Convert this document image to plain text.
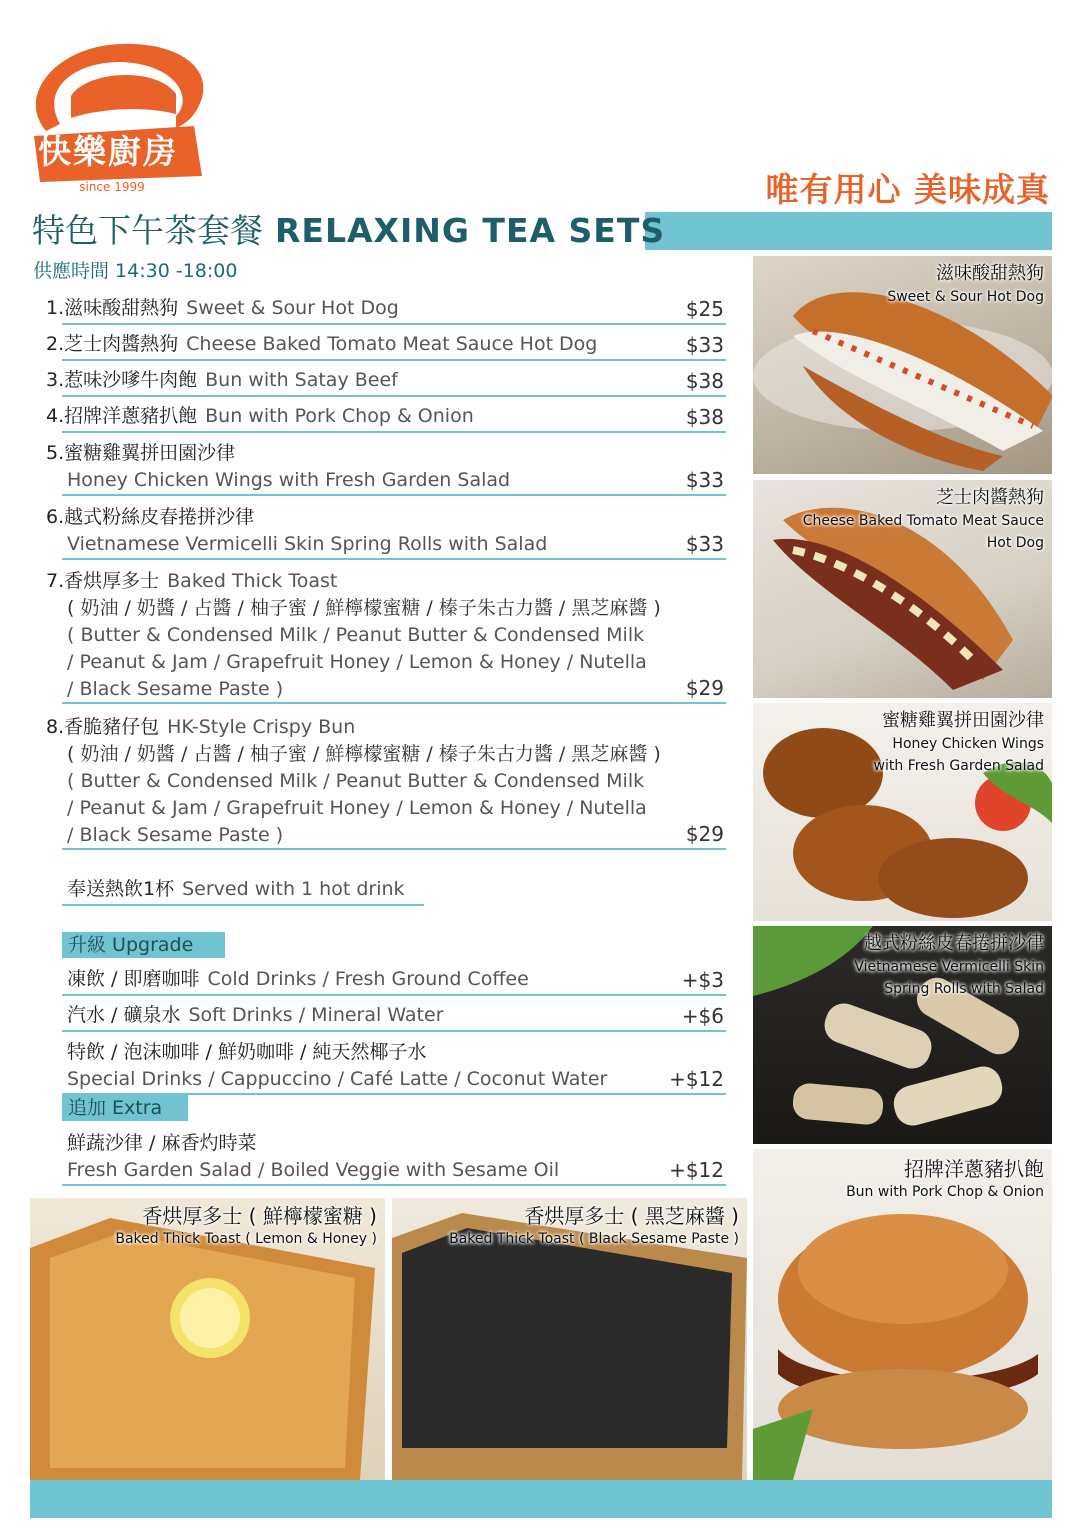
快樂廚房
since 1999	唯有用心 美味成真
特色下午茶套餐 RELAXING TEA SETS
供應時間 14:30 -18:00
1.滋味酸甜熱狗 Sweet & Sour Hot Dog	$25
2.芝士肉醬熱狗 Cheese Baked Tomato Meat Sauce Hot Dog	$33
3.惹味沙嗲牛肉飽 Bun with Satay Beef	$38
4.招牌洋蔥豬扒飽 Bun with Pork Chop & Onion	$38
5.蜜糖雞翼拼田園沙律
Honey Chicken Wings with Fresh Garden Salad	$33
6.越式粉絲皮春捲拼沙律
Vietnamese Vermicelli Skin Spring Rolls with Salad	$33
7.香烘厚多士 Baked Thick Toast
( 奶油 / 奶醬 / 占醬 / 柚子蜜 / 鮮檸檬蜜糖 / 榛子朱古力醬 / 黑芝麻醬 )
( Butter & Condensed Milk / Peanut Butter & Condensed Milk
/ Peanut & Jam / Grapefruit Honey / Lemon & Honey / Nutella
/ Black Sesame Paste )	$29
8.香脆豬仔包 HK-Style Crispy Bun
( 奶油 / 奶醬 / 占醬 / 柚子蜜 / 鮮檸檬蜜糖 / 榛子朱古力醬 / 黑芝麻醬 )
( Butter & Condensed Milk / Peanut Butter & Condensed Milk
/ Peanut & Jam / Grapefruit Honey / Lemon & Honey / Nutella
/ Black Sesame Paste )	$29
奉送熱飲1杯 Served with 1 hot drink
升級 Upgrade
凍飲 / 即磨咖啡 Cold Drinks / Fresh Ground Coffee	+$3
汽水 / 礦泉水 Soft Drinks / Mineral Water	+$6
特飲 / 泡沫咖啡 / 鮮奶咖啡 / 純天然椰子水
Special Drinks / Cappuccino / Café Latte / Coconut Water	+$12
追加 Extra
鮮蔬沙律 / 麻香灼時菜
Fresh Garden Salad / Boiled Veggie with Sesame Oil	+$12
滋味酸甜熱狗
Sweet & Sour Hot Dog
芝士肉醬熱狗
Cheese Baked Tomato Meat Sauce
Hot Dog
蜜糖雞翼拼田園沙律
Honey Chicken Wings
with Fresh Garden Salad
越式粉絲皮春捲拼沙律
Vietnamese Vermicelli Skin
Spring Rolls with Salad
招牌洋蔥豬扒飽
Bun with Pork Chop & Onion
香烘厚多士 ( 鮮檸檬蜜糖 )
Baked Thick Toast ( Lemon & Honey )
香烘厚多士 ( 黑芝麻醬 )
Baked Thick Toast ( Black Sesame Paste )
